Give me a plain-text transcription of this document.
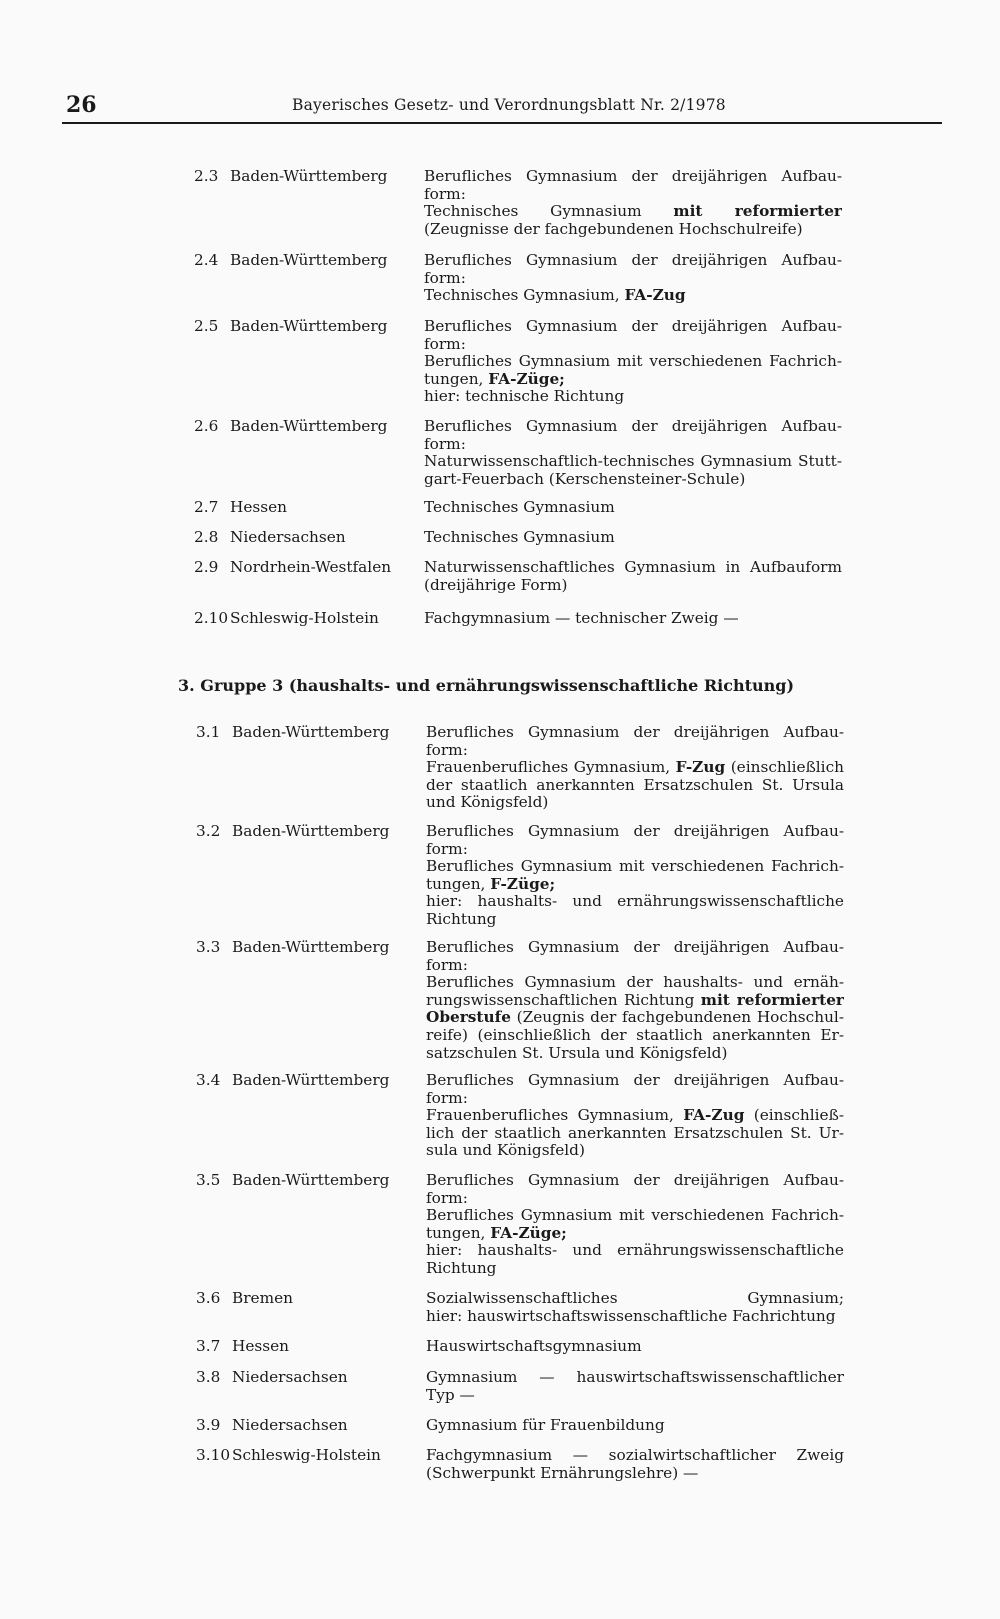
26	Bayerisches Gesetz- und Verordnungsblatt Nr. 2/1978
2.3 Baden-Württemberg	Berufliches Gymnasium der dreijährigen Aufbau-
form:
Technisches Gymnasium mit reformierter
(Zeugnisse der fachgebundenen Hochschulreife)
2.4 Baden-Württemberg	Berufliches Gymnasium der dreijährigen Aufbau-
form:
Technisches Gymnasium, FA-Zug
2.5 Baden-Württemberg	Berufliches Gymnasium der dreijährigen Aufbau-
form:
Berufliches Gymnasium mit verschiedenen Fachrich-
tungen, FA-Züge;
hier: technische Richtung
2.6 Baden-Württemberg	Berufliches Gymnasium der dreijährigen Aufbau-
form:
Naturwissenschaftlich-technisches Gymnasium Stutt-
gart-Feuerbach (Kerschensteiner-Schule)
2.7 Hessen	Technisches Gymnasium
2.8 Niedersachsen	Technisches Gymnasium
2.9 Nordrhein-Westfalen	Naturwissenschaftliches Gymnasium in Aufbauform
(dreijährige Form)
2.10 Schleswig-Holstein	Fachgymnasium — technischer Zweig —
3. Gruppe 3 (haushalts- und ernährungswissenschaftliche Richtung)
3.1 Baden-Württemberg	Berufliches Gymnasium der dreijährigen Aufbau-
form:
Frauenberufliches Gymnasium, F-Zug (einschließlich
der staatlich anerkannten Ersatzschulen St. Ursula
und Königsfeld)
3.2 Baden-Württemberg	Berufliches Gymnasium der dreijährigen Aufbau-
form:
Berufliches Gymnasium mit verschiedenen Fachrich-
tungen, F-Züge;
hier: haushalts- und ernährungswissenschaftliche
Richtung
3.3 Baden-Württemberg	Berufliches Gymnasium der dreijährigen Aufbau-
form:
Berufliches Gymnasium der haushalts- und ernäh-
rungswissenschaftlichen Richtung mit reformierter
Oberstufe (Zeugnis der fachgebundenen Hochschul-
reife) (einschließlich der staatlich anerkannten Er-
satzschulen St. Ursula und Königsfeld)
3.4 Baden-Württemberg	Berufliches Gymnasium der dreijährigen Aufbau-
form:
Frauenberufliches Gymnasium, FA-Zug (einschließ-
lich der staatlich anerkannten Ersatzschulen St. Ur-
sula und Königsfeld)
3.5 Baden-Württemberg	Berufliches Gymnasium der dreijährigen Aufbau-
form:
Berufliches Gymnasium mit verschiedenen Fachrich-
tungen, FA-Züge;
hier: haushalts- und ernährungswissenschaftliche
Richtung
3.6 Bremen	Sozialwissenschaftliches Gymnasium;
hier: hauswirtschaftswissenschaftliche Fachrichtung
3.7 Hessen	Hauswirtschaftsgymnasium
3.8 Niedersachsen	Gymnasium — hauswirtschaftswissenschaftlicher
Typ —
3.9 Niedersachsen	Gymnasium für Frauenbildung
3.10 Schleswig-Holstein	Fachgymnasium — sozialwirtschaftlicher Zweig
(Schwerpunkt Ernährungslehre) —
